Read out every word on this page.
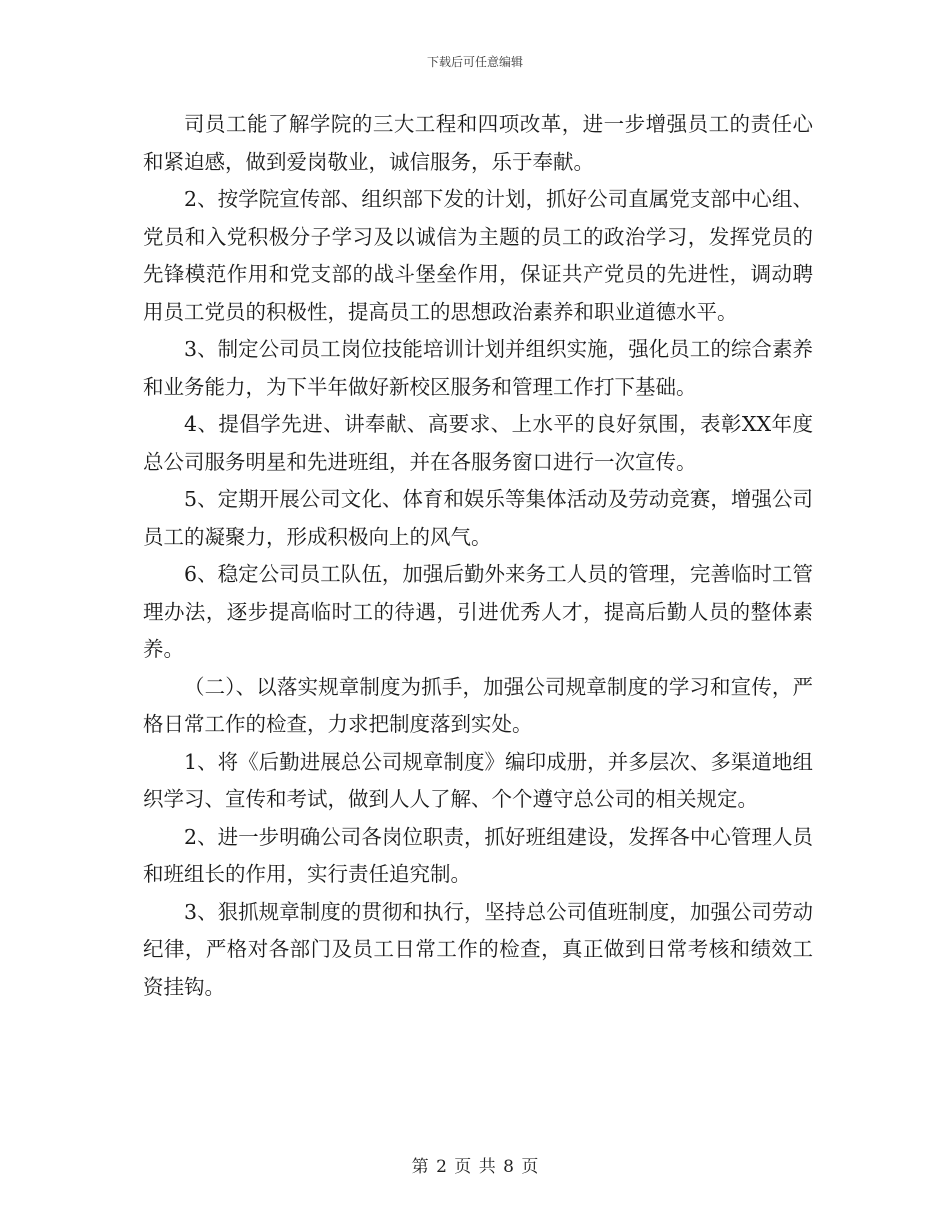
下载后可任意编辑

司员工能了解学院的三大工程和四项改革，进一步增强员工的责任心和紧迫感，做到爱岗敬业，诚信服务，乐于奉献。

2、按学院宣传部、组织部下发的计划，抓好公司直属党支部中心组、党员和入党积极分子学习及以诚信为主题的员工的政治学习，发挥党员的先锋模范作用和党支部的战斗堡垒作用，保证共产党员的先进性，调动聘用员工党员的积极性，提高员工的思想政治素养和职业道德水平。

3、制定公司员工岗位技能培训计划并组织实施，强化员工的综合素养和业务能力，为下半年做好新校区服务和管理工作打下基础。

4、提倡学先进、讲奉献、高要求、上水平的良好氛围，表彰XX年度总公司服务明星和先进班组，并在各服务窗口进行一次宣传。

5、定期开展公司文化、体育和娱乐等集体活动及劳动竞赛，增强公司员工的凝聚力，形成积极向上的风气。

6、稳定公司员工队伍，加强后勤外来务工人员的管理，完善临时工管理办法，逐步提高临时工的待遇，引进优秀人才，提高后勤人员的整体素养。

（二）、以落实规章制度为抓手，加强公司规章制度的学习和宣传，严格日常工作的检查，力求把制度落到实处。

1、将《后勤进展总公司规章制度》编印成册，并多层次、多渠道地组织学习、宣传和考试，做到人人了解、个个遵守总公司的相关规定。

2、进一步明确公司各岗位职责，抓好班组建设，发挥各中心管理人员和班组长的作用，实行责任追究制。

3、狠抓规章制度的贯彻和执行，坚持总公司值班制度，加强公司劳动纪律，严格对各部门及员工日常工作的检查，真正做到日常考核和绩效工资挂钩。

第 2 页 共 8 页
